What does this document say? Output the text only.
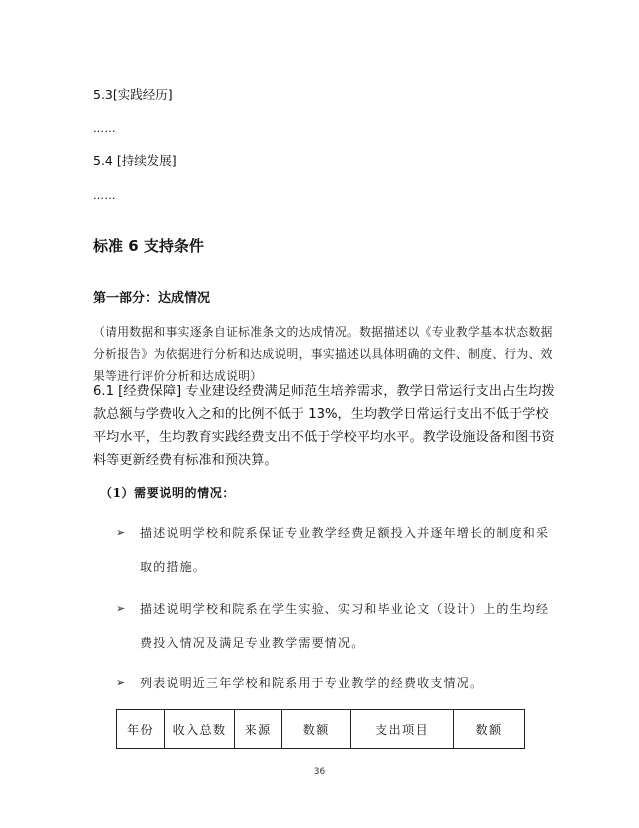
5.3[实践经历]
……
5.4 [持续发展]
……
标准 6 支持条件
第一部分：达成情况
（请用数据和事实逐条自证标准条文的达成情况。数据描述以《专业教学基本状态数据分析报告》为依据进行分析和达成说明，事实描述以具体明确的文件、制度、行为、效果等进行评价分析和达成说明）
6.1 [经费保障] 专业建设经费满足师范生培养需求，教学日常运行支出占生均拨款总额与学费收入之和的比例不低于 13%，生均教学日常运行支出不低于学校平均水平，生均教育实践经费支出不低于学校平均水平。教学设施设备和图书资料等更新经费有标准和预决算。
（1）需要说明的情况：
➢	描述说明学校和院系保证专业教学经费足额投入并逐年增长的制度和采取的措施。
➢	描述说明学校和院系在学生实验、实习和毕业论文（设计）上的生均经费投入情况及满足专业教学需要情况。
➢	列表说明近三年学校和院系用于专业教学的经费收支情况。
年份	收入总数	来源	数额	支出项目	数额
36
